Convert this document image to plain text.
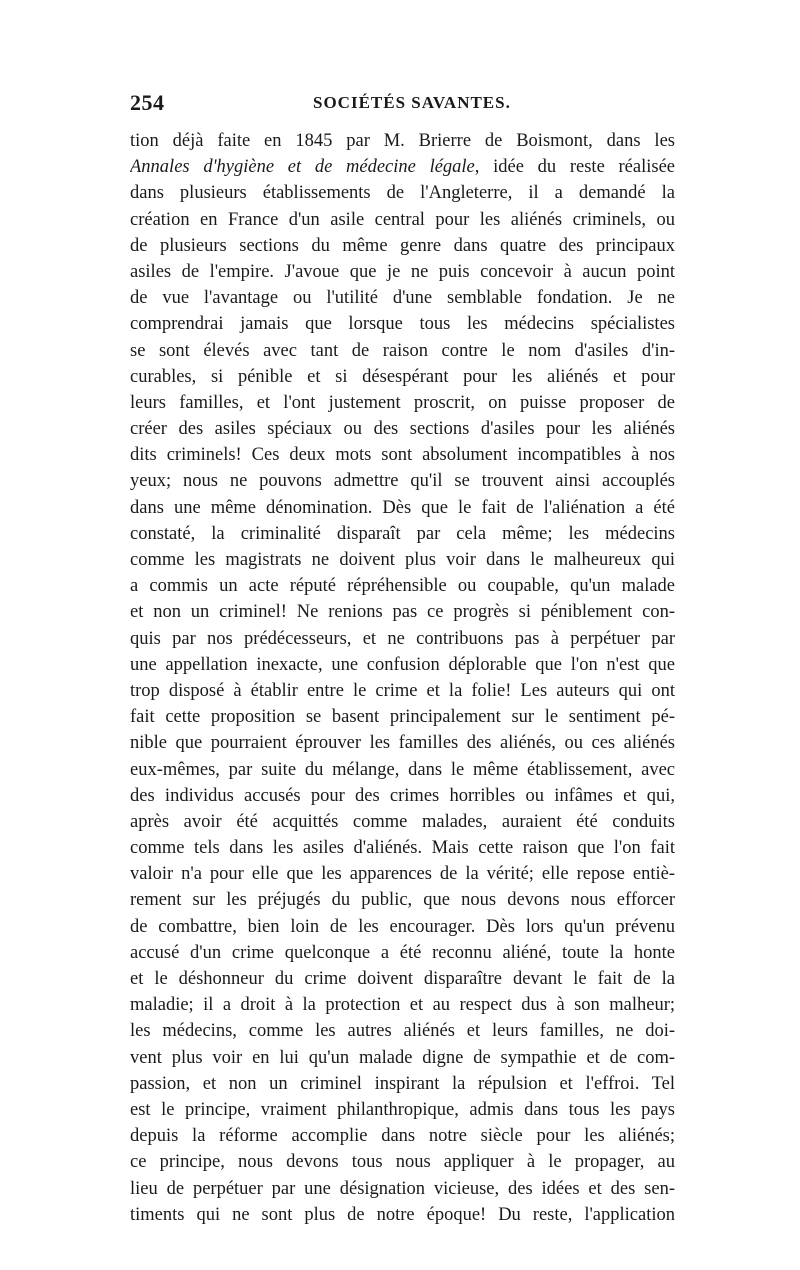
254	SOCIÉTÉS SAVANTES.
tion déjà faite en 1845 par M. Brierre de Boismont, dans les
Annales d'hygiène et de médecine légale, idée du reste réalisée
dans plusieurs établissements de l'Angleterre, il a demandé la
création en France d'un asile central pour les aliénés criminels, ou
de plusieurs sections du même genre dans quatre des principaux
asiles de l'empire. J'avoue que je ne puis concevoir à aucun point
de vue l'avantage ou l'utilité d'une semblable fondation. Je ne
comprendrai jamais que lorsque tous les médecins spécialistes
se sont élevés avec tant de raison contre le nom d'asiles d'in-
curables, si pénible et si désespérant pour les aliénés et pour
leurs familles, et l'ont justement proscrit, on puisse proposer de
créer des asiles spéciaux ou des sections d'asiles pour les aliénés
dits criminels! Ces deux mots sont absolument incompatibles à nos
yeux; nous ne pouvons admettre qu'il se trouvent ainsi accouplés
dans une même dénomination. Dès que le fait de l'aliénation a été
constaté, la criminalité disparaît par cela même; les médecins
comme les magistrats ne doivent plus voir dans le malheureux qui
a commis un acte réputé répréhensible ou coupable, qu'un malade
et non un criminel! Ne renions pas ce progrès si péniblement con-
quis par nos prédécesseurs, et ne contribuons pas à perpétuer par
une appellation inexacte, une confusion déplorable que l'on n'est que
trop disposé à établir entre le crime et la folie! Les auteurs qui ont
fait cette proposition se basent principalement sur le sentiment pé-
nible que pourraient éprouver les familles des aliénés, ou ces aliénés
eux-mêmes, par suite du mélange, dans le même établissement, avec
des individus accusés pour des crimes horribles ou infâmes et qui,
après avoir été acquittés comme malades, auraient été conduits
comme tels dans les asiles d'aliénés. Mais cette raison que l'on fait
valoir n'a pour elle que les apparences de la vérité; elle repose entiè-
rement sur les préjugés du public, que nous devons nous efforcer
de combattre, bien loin de les encourager. Dès lors qu'un prévenu
accusé d'un crime quelconque a été reconnu aliéné, toute la honte
et le déshonneur du crime doivent disparaître devant le fait de la
maladie; il a droit à la protection et au respect dus à son malheur;
les médecins, comme les autres aliénés et leurs familles, ne doi-
vent plus voir en lui qu'un malade digne de sympathie et de com-
passion, et non un criminel inspirant la répulsion et l'effroi. Tel
est le principe, vraiment philanthropique, admis dans tous les pays
depuis la réforme accomplie dans notre siècle pour les aliénés;
ce principe, nous devons tous nous appliquer à le propager, au
lieu de perpétuer par une désignation vicieuse, des idées et des sen-
timents qui ne sont plus de notre époque! Du reste, l'application
